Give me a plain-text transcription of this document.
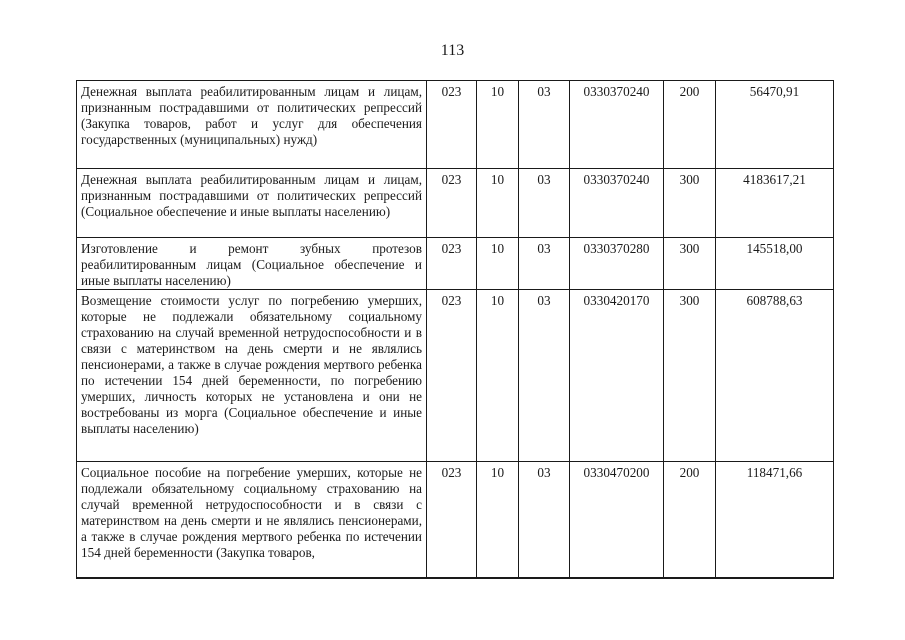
113
Денежная выплата реабилитированным лицам и лицам, признанным пострадавшими от политических репрессий (Закупка товаров, работ и услуг для обеспечения государственных (муниципальных) нужд)	023	10	03	0330370240	200	56470,91
Денежная выплата реабилитированным лицам и лицам, признанным пострадавшими от политических репрессий (Социальное обеспечение и иные выплаты населению)	023	10	03	0330370240	300	4183617,21
Изготовление и ремонт зубных протезов реабилитированным лицам (Социальное обеспечение и иные выплаты населению)	023	10	03	0330370280	300	145518,00
Возмещение стоимости услуг по погребению умерших, которые не подлежали обязательному социальному страхованию на случай временной нетрудоспособности и в связи с материнством на день смерти и не являлись пенсионерами, а также в случае рождения мертвого ребенка по истечении 154 дней беременности, по погребению умерших, личность которых не установлена и они не востребованы из морга (Социальное обеспечение и иные выплаты населению)	023	10	03	0330420170	300	608788,63
Социальное пособие на погребение умерших, которые не подлежали обязательному социальному страхованию на случай временной нетрудоспособности и в связи с материнством на день смерти и не являлись пенсионерами, а также в случае рождения мертвого ребенка по истечении 154 дней беременности (Закупка товаров,	023	10	03	0330470200	200	118471,66
